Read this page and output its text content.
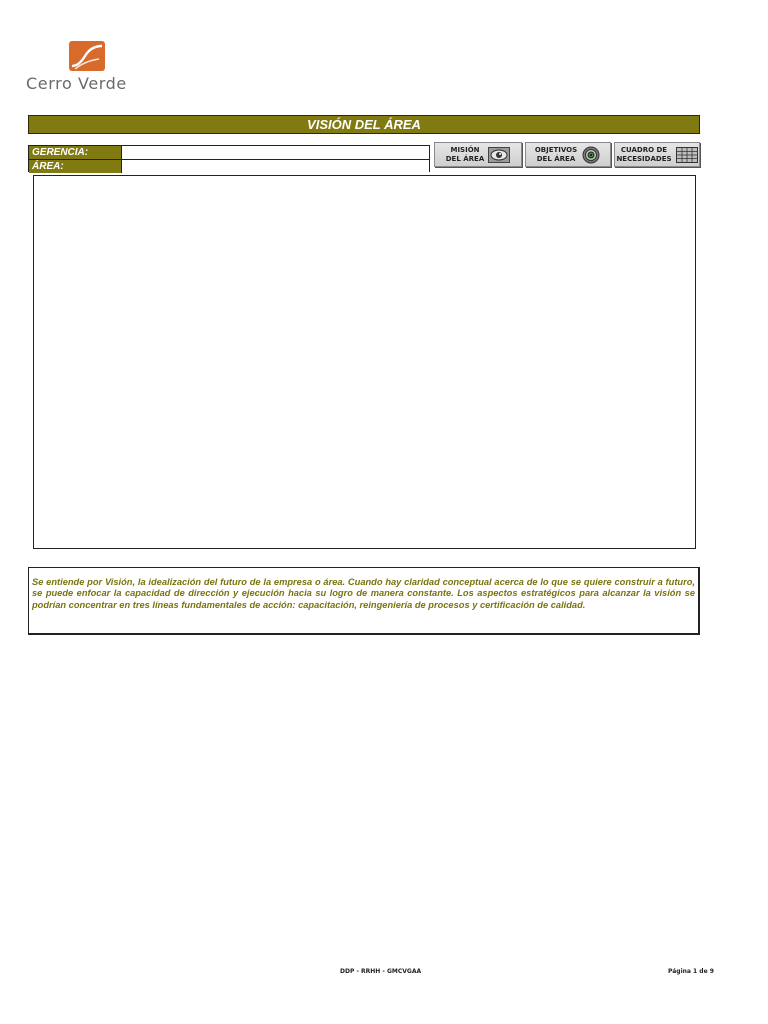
Cerro Verde
VISIÓN DEL ÁREA
GERENCIA:
ÁREA:
MISIÓN
DEL ÁREA
OBJETIVOS
DEL ÁREA
CUADRO DE
NECESIDADES

Se entiende por Visión, la idealización del futuro de la empresa o área. Cuando hay claridad conceptual acerca de lo que se quiere construir a futuro, se puede enfocar la capacidad de dirección y ejecución hacia su logro de manera constante. Los aspectos estratégicos para alcanzar la visión se podrían concentrar en tres líneas fundamentales de acción: capacitación, reingeniería de procesos y certificación de calidad.

DDP - RRHH - GMCVGAA	Página 1 de 9
